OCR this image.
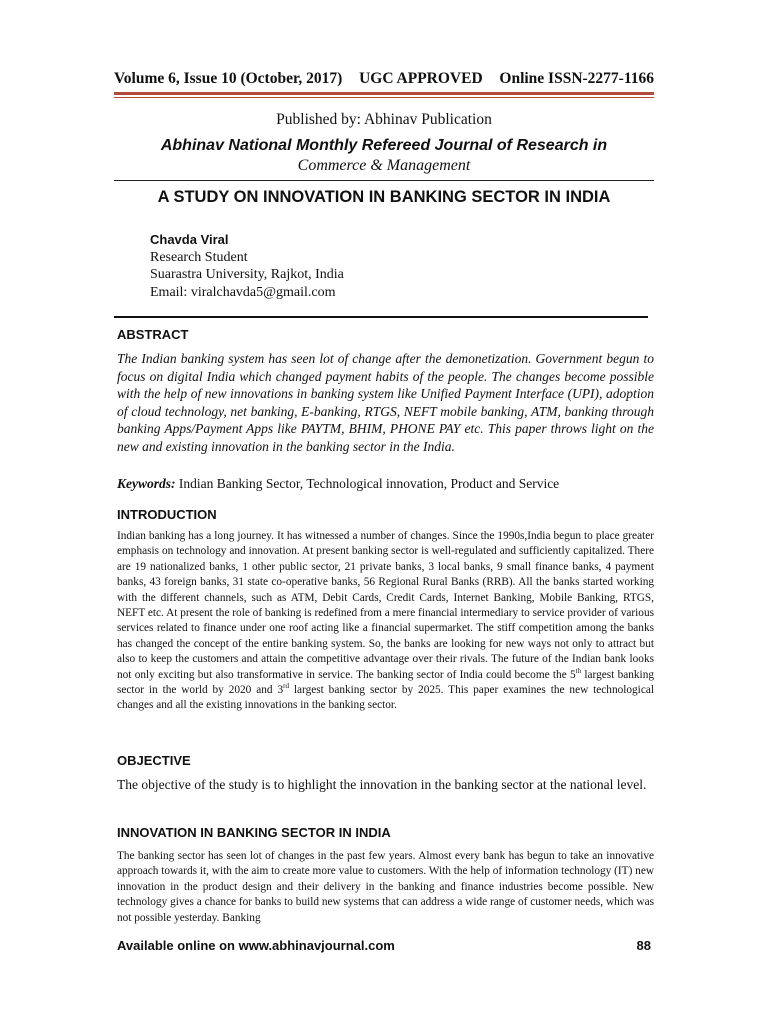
Volume 6, Issue 10 (October, 2017) UGC APPROVED Online ISSN-2277-1166
Published by: Abhinav Publication
Abhinav National Monthly Refereed Journal of Research in
Commerce & Management
A STUDY ON INNOVATION IN BANKING SECTOR IN INDIA
Chavda Viral
Research Student
Suarastra University, Rajkot, India
Email: viralchavda5@gmail.com
ABSTRACT
The Indian banking system has seen lot of change after the demonetization. Government begun to focus on digital India which changed payment habits of the people. The changes become possible with the help of new innovations in banking system like Unified Payment Interface (UPI), adoption of cloud technology, net banking, E-banking, RTGS, NEFT mobile banking, ATM, banking through banking Apps/Payment Apps like PAYTM, BHIM, PHONE PAY etc. This paper throws light on the new and existing innovation in the banking sector in the India.
Keywords: Indian Banking Sector, Technological innovation, Product and Service
INTRODUCTION
Indian banking has a long journey. It has witnessed a number of changes. Since the 1990s,India begun to place greater emphasis on technology and innovation. At present banking sector is well-regulated and sufficiently capitalized. There are 19 nationalized banks, 1 other public sector, 21 private banks, 3 local banks, 9 small finance banks, 4 payment banks, 43 foreign banks, 31 state co-operative banks, 56 Regional Rural Banks (RRB). All the banks started working with the different channels, such as ATM, Debit Cards, Credit Cards, Internet Banking, Mobile Banking, RTGS, NEFT etc. At present the role of banking is redefined from a mere financial intermediary to service provider of various services related to finance under one roof acting like a financial supermarket. The stiff competition among the banks has changed the concept of the entire banking system. So, the banks are looking for new ways not only to attract but also to keep the customers and attain the competitive advantage over their rivals. The future of the Indian bank looks not only exciting but also transformative in service. The banking sector of India could become the 5th largest banking sector in the world by 2020 and 3rd largest banking sector by 2025. This paper examines the new technological changes and all the existing innovations in the banking sector.
OBJECTIVE
The objective of the study is to highlight the innovation in the banking sector at the national level.
INNOVATION IN BANKING SECTOR IN INDIA
The banking sector has seen lot of changes in the past few years. Almost every bank has begun to take an innovative approach towards it, with the aim to create more value to customers. With the help of information technology (IT) new innovation in the product design and their delivery in the banking and finance industries become possible. New technology gives a chance for banks to build new systems that can address a wide range of customer needs, which was not possible yesterday. Banking
Available online on www.abhinavjournal.com	88
